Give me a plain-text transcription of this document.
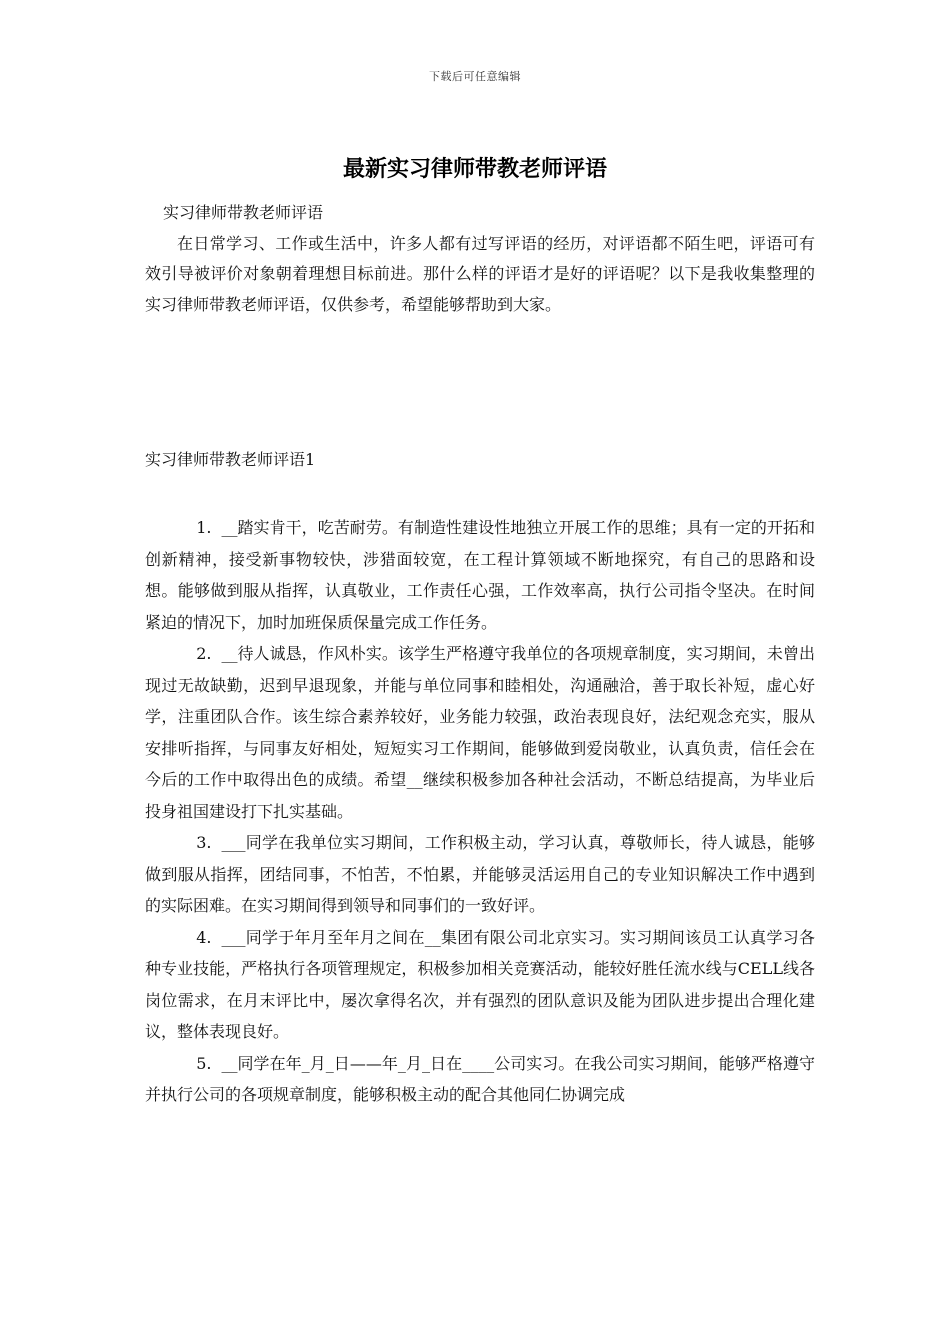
下载后可任意编辑
最新实习律师带教老师评语

实习律师带教老师评语

在日常学习、工作或生活中，许多人都有过写评语的经历，对评语都不陌生吧，评语可有效引导被评价对象朝着理想目标前进。那什么样的评语才是好的评语呢？以下是我收集整理的实习律师带教老师评语，仅供参考，希望能够帮助到大家。

实习律师带教老师评语1

1. __踏实肯干，吃苦耐劳。有制造性建设性地独立开展工作的思维；具有一定的开拓和创新精神，接受新事物较快，涉猎面较宽，在工程计算领域不断地探究，有自己的思路和设想。能够做到服从指挥，认真敬业，工作责任心强，工作效率高，执行公司指令坚决。在时间紧迫的情况下，加时加班保质保量完成工作任务。

2. __待人诚恳，作风朴实。该学生严格遵守我单位的各项规章制度，实习期间，未曾出现过无故缺勤，迟到早退现象，并能与单位同事和睦相处，沟通融洽，善于取长补短，虚心好学，注重团队合作。该生综合素养较好，业务能力较强，政治表现良好，法纪观念充实，服从安排听指挥，与同事友好相处，短短实习工作期间，能够做到爱岗敬业，认真负责，信任会在今后的工作中取得出色的成绩。希望__继续积极参加各种社会活动，不断总结提高，为毕业后投身祖国建设打下扎实基础。

3. ___同学在我单位实习期间，工作积极主动，学习认真，尊敬师长，待人诚恳，能够做到服从指挥，团结同事，不怕苦，不怕累，并能够灵活运用自己的专业知识解决工作中遇到的实际困难。在实习期间得到领导和同事们的一致好评。

4. ___同学于年月至年月之间在__集团有限公司北京实习。实习期间该员工认真学习各种专业技能，严格执行各项管理规定，积极参加相关竞赛活动，能较好胜任流水线与CELL线各岗位需求，在月末评比中，屡次拿得名次，并有强烈的团队意识及能为团队进步提出合理化建议，整体表现良好。

5. __同学在年_月_日——年_月_日在____公司实习。在我公司实习期间，能够严格遵守并执行公司的各项规章制度，能够积极主动的配合其他同仁协调完成
